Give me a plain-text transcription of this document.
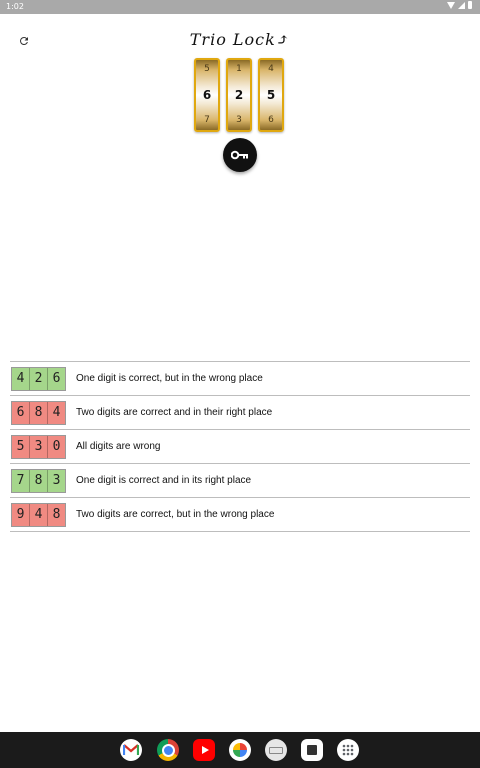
1:02
Trio Lock⤴
5
6
7
1
2
3
4
5
6
4 2 6	One digit is correct, but in the wrong place
6 8 4	Two digits are correct and in their right place
5 3 0	All digits are wrong
7 8 3	One digit is correct and in its right place
9 4 8	Two digits are correct, but in the wrong place
